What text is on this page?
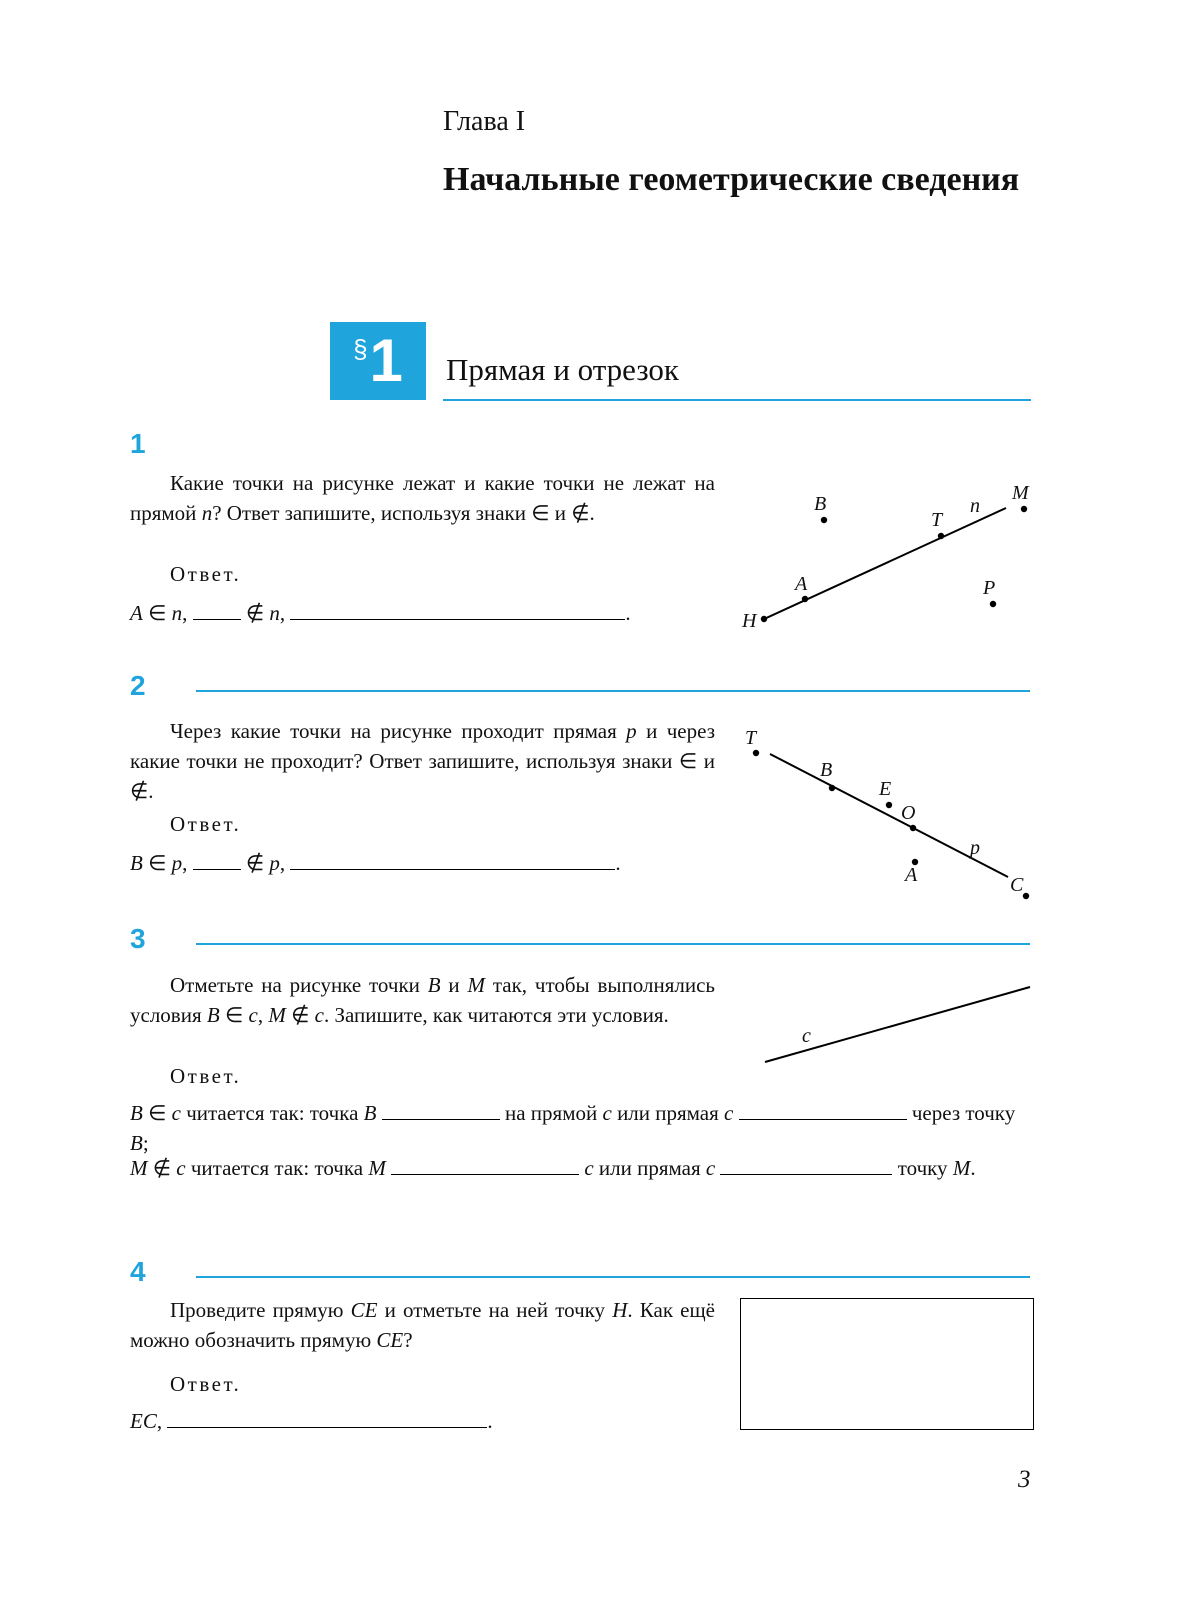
Глава I
Начальные геометрические сведения
§ 1 Прямая и отрезок
1

Какие точки на рисунке лежат и какие точки не лежат на прямой n? Ответ запишите, используя знаки ∈ и ∉.

Ответ.

A ∈ n,  ∉ n,	.	H
A
T
n
B	M
P
2

Через какие точки на рисунке проходит прямая p и через какие точки не проходит? Ответ запишите, используя знаки ∈ и ∉.

Ответ.

B ∈ p,  ∉ p,	.

T
B
E
O
A
p
C
3

Отметьте на рисунке точки B и M так, чтобы выполнялись условия B ∈ c, M ∉ c. Запишите, как читаются эти условия.

Ответ.

B ∈ c читается так: точка B	на прямой c или прямая c	через точку B;

M ∉ c читается так: точка M	c или прямая c	точку M.

c
4

Проведите прямую CE и отметьте на ней точку H. Как ещё можно обозначить прямую CE?

Ответ.

EC,	.

3
